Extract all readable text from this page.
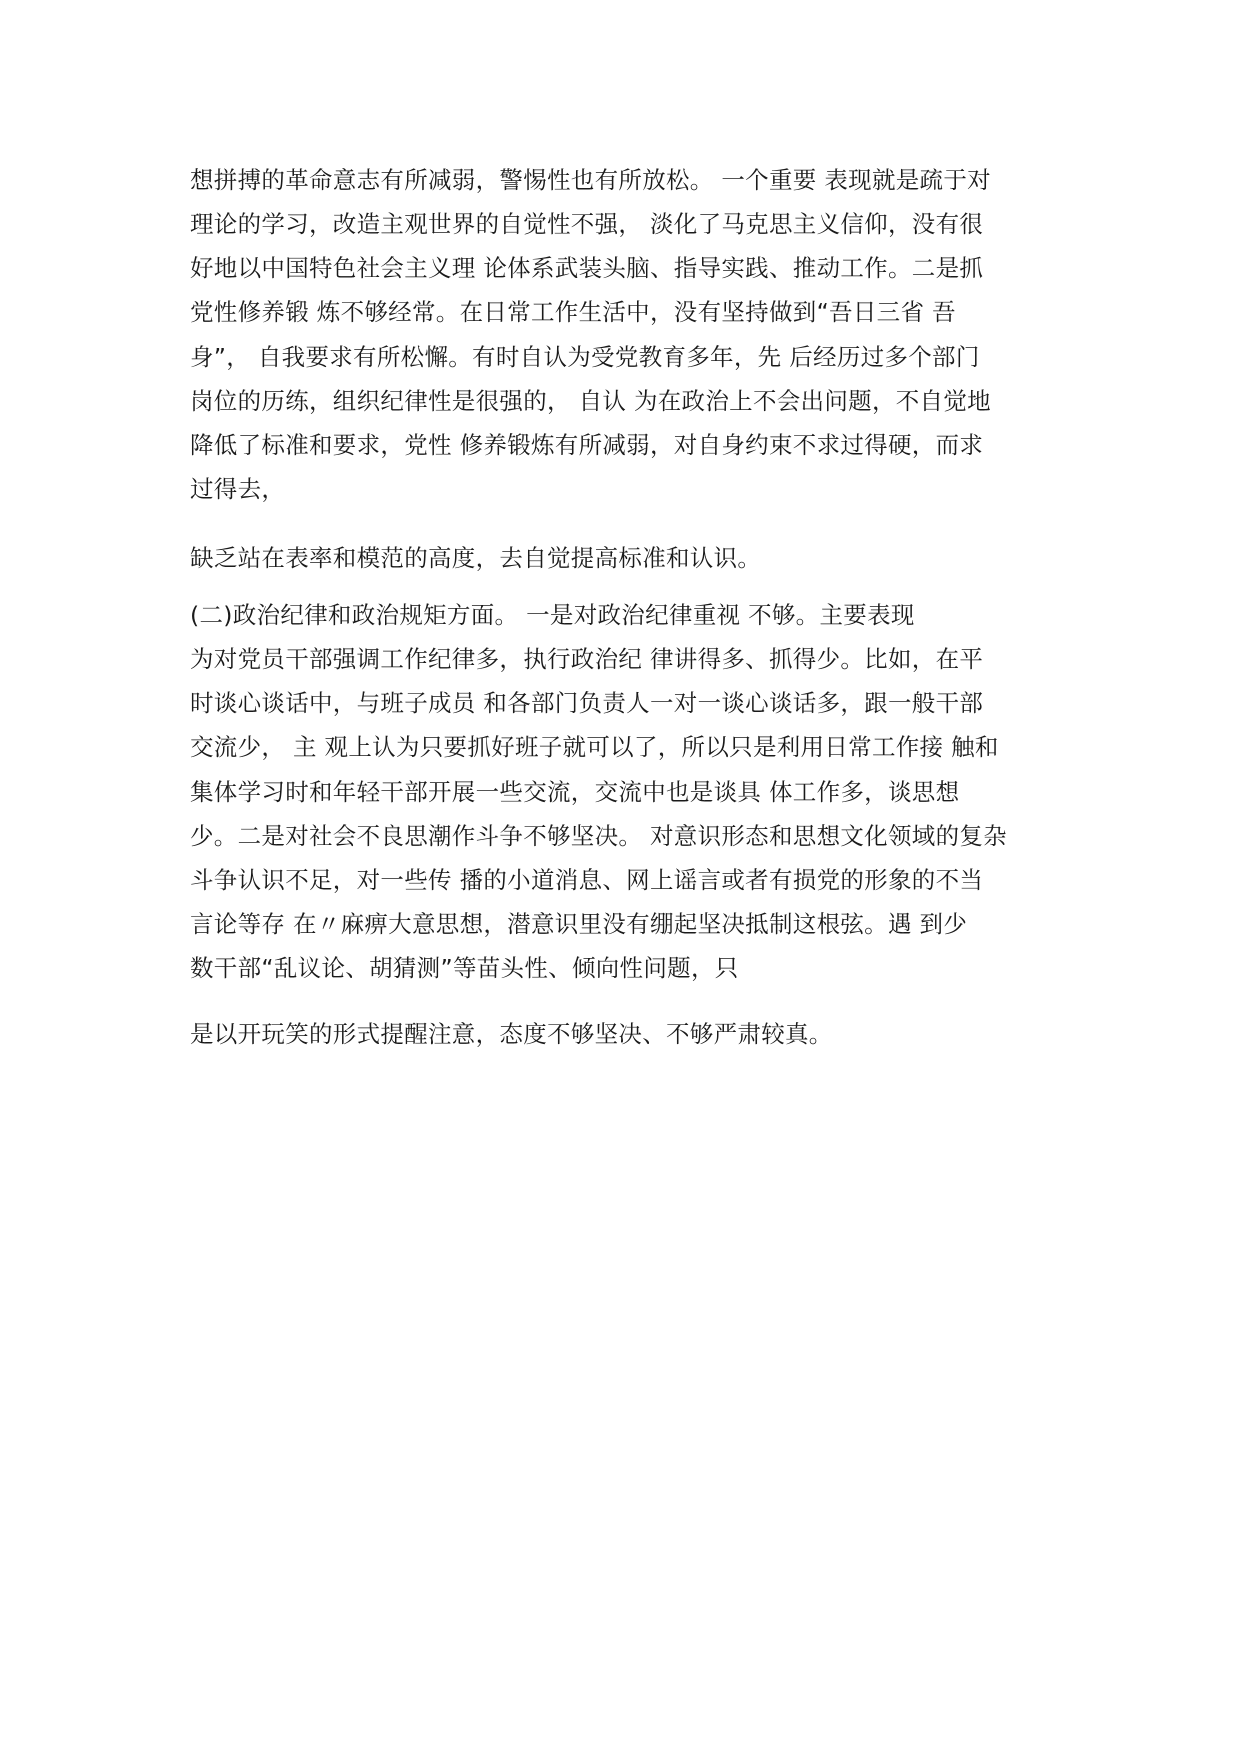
想拼搏的革命意志有所减弱，警惕性也有所放松。 一个重要 表现就是疏于对
理论的学习，改造主观世界的自觉性不强， 淡化了马克思主义信仰，没有很
好地以中国特色社会主义理 论体系武装头脑、指导实践、推动工作。二是抓
党性修养锻 炼不够经常。在日常工作生活中，没有坚持做到“吾日三省 吾
身”， 自我要求有所松懈。有时自认为受党教育多年，先 后经历过多个部门
岗位的历练，组织纪律性是很强的， 自认 为在政治上不会出问题，不自觉地
降低了标准和要求，党性 修养锻炼有所减弱，对自身约束不求过得硬，而求
过得去，
缺乏站在表率和模范的高度，去自觉提高标准和认识。
(二)政治纪律和政治规矩方面。 一是对政治纪律重视 不够。主要表现
为对党员干部强调工作纪律多，执行政治纪 律讲得多、抓得少。比如，在平
时谈心谈话中，与班子成员 和各部门负责人一对一谈心谈话多，跟一般干部
交流少， 主 观上认为只要抓好班子就可以了，所以只是利用日常工作接 触和
集体学习时和年轻干部开展一些交流，交流中也是谈具 体工作多，谈思想
少。二是对社会不良思潮作斗争不够坚决。 对意识形态和思想文化领域的复杂
斗争认识不足，对一些传 播的小道消息、网上谣言或者有损党的形象的不当
言论等存 在〃麻痹大意思想，潜意识里没有绷起坚决抵制这根弦。遇 到少
数干部“乱议论、胡猜测”等苗头性、倾向性问题，只
是以开玩笑的形式提醒注意，态度不够坚决、不够严肃较真。
